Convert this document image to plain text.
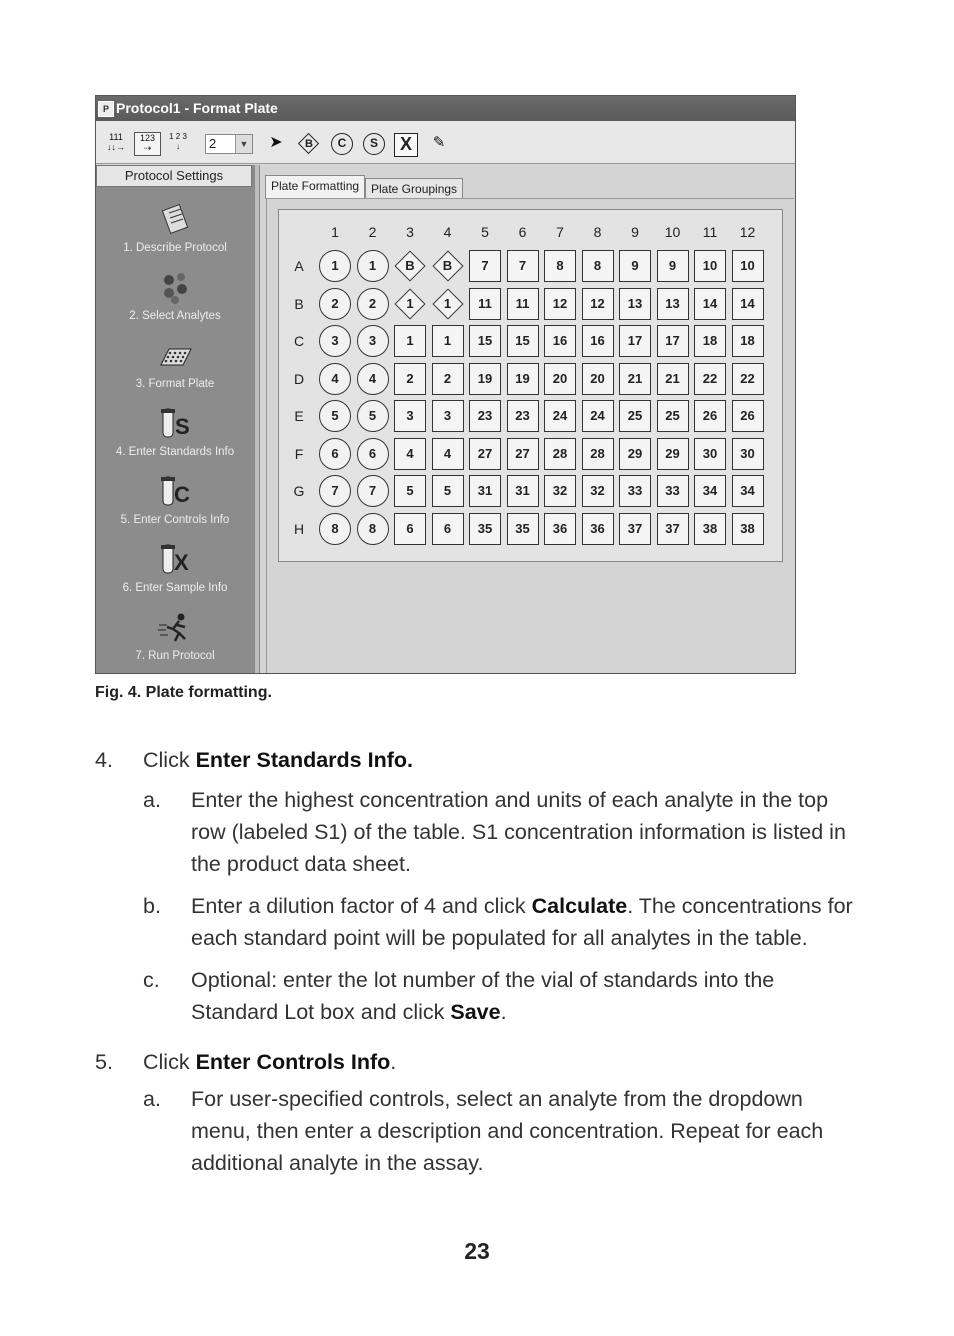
P Protocol1 - Format Plate
111
↓↓→
123
⇢
1 2 3 ↓	2	▼ ➤	B	C	S	X	✎
Protocol Settings
1. Describe Protocol
2. Select Analytes
3. Format Plate
S
4. Enter Standards Info
C
5. Enter Controls Info
X
6. Enter Sample Info
7. Run Protocol
Plate Formatting Plate Groupings
1	2	3	4	5	6	7	8	9	10	11	12
A	1	1	B	B	7	7	8	8	9	9	10	10
B	2	2	1	1	11	11	12	12	13	13	14	14
C	3	3	1	1	15	15	16	16	17	17	18	18
D	4	4	2	2	19	19	20	20	21	21	22	22
E	5	5	3	3	23	23	24	24	25	25	26	26
F	6	6	4	4	27	27	28	28	29	29	30	30
G	7	7	5	5	31	31	32	32	33	33	34	34
H	8	8	6	6	35	35	36	36	37	37	38	38
Fig. 4. Plate formatting.
4. Click Enter Standards Info.
a. Enter the highest concentration and units of each analyte in the top row (labeled S1) of the table. S1 concentration information is listed in the product data sheet.
b. Enter a dilution factor of 4 and click Calculate. The concentrations for each standard point will be populated for all analytes in the table.
c. Optional: enter the lot number of the vial of standards into the Standard Lot box and click Save.
5. Click Enter Controls Info.
a. For user-specified controls, select an analyte from the dropdown menu, then enter a description and concentration. Repeat for each additional analyte in the assay.
23
